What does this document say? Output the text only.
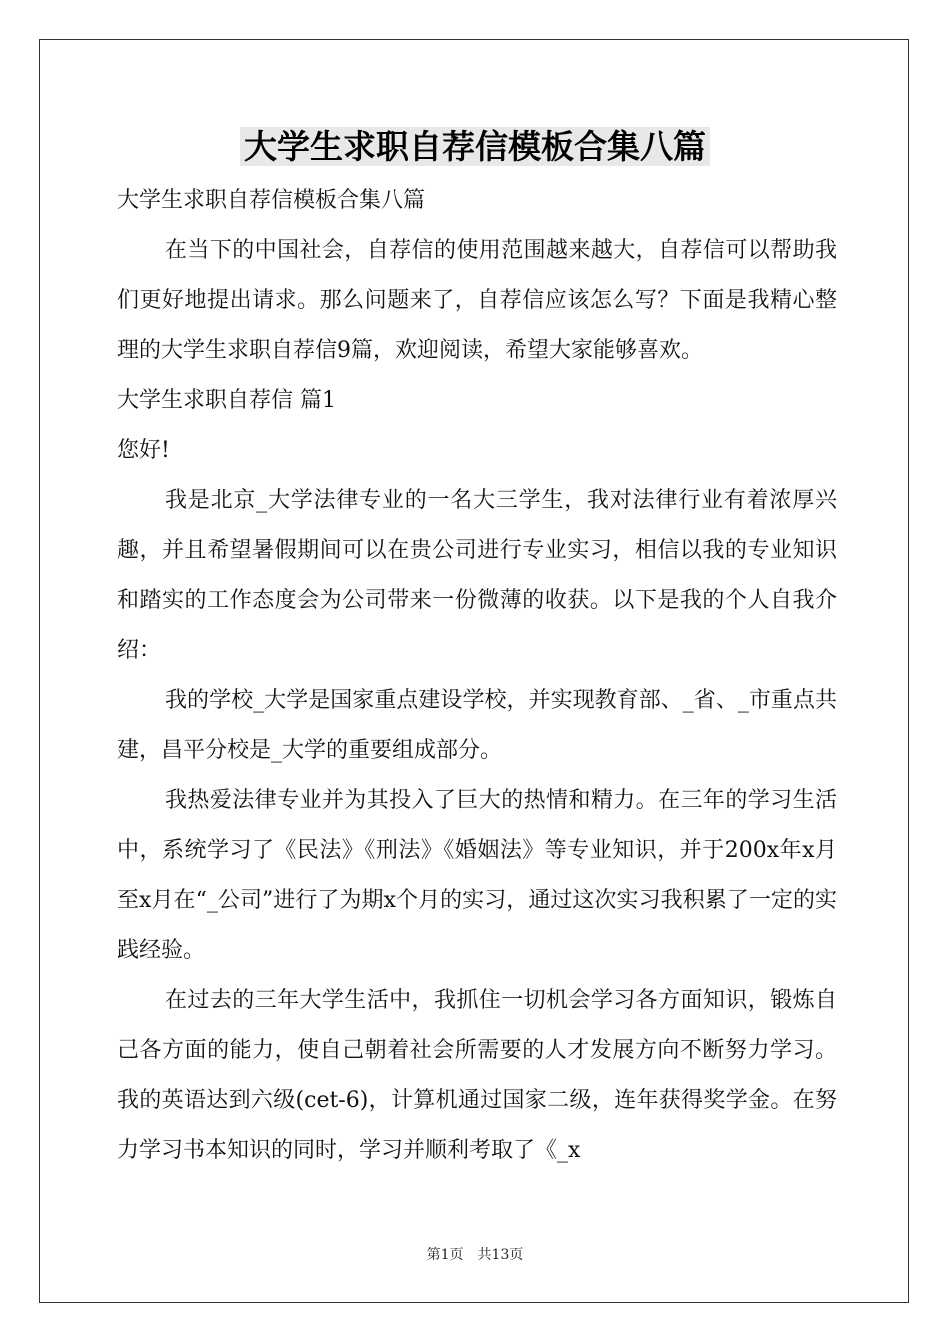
大学生求职自荐信模板合集八篇

大学生求职自荐信模板合集八篇

在当下的中国社会，自荐信的使用范围越来越大，自荐信可以帮助我们更好地提出请求。那么问题来了，自荐信应该怎么写？下面是我精心整理的大学生求职自荐信9篇，欢迎阅读，希望大家能够喜欢。

大学生求职自荐信 篇1

您好!

我是北京_大学法律专业的一名大三学生，我对法律行业有着浓厚兴趣，并且希望暑假期间可以在贵公司进行专业实习，相信以我的专业知识和踏实的工作态度会为公司带来一份微薄的收获。以下是我的个人自我介绍：

我的学校_大学是国家重点建设学校，并实现教育部、_省、_市重点共建，昌平分校是_大学的重要组成部分。

我热爱法律专业并为其投入了巨大的热情和精力。在三年的学习生活中，系统学习了《民法》《刑法》《婚姻法》等专业知识，并于200x年x月至x月在“_公司”进行了为期x个月的实习，通过这次实习我积累了一定的实践经验。

在过去的三年大学生活中，我抓住一切机会学习各方面知识，锻炼自己各方面的能力，使自己朝着社会所需要的人才发展方向不断努力学习。我的英语达到六级(cet-6)，计算机通过国家二级，连年获得奖学金。在努力学习书本知识的同时，学习并顺利考取了《_x

第1页 共13页
